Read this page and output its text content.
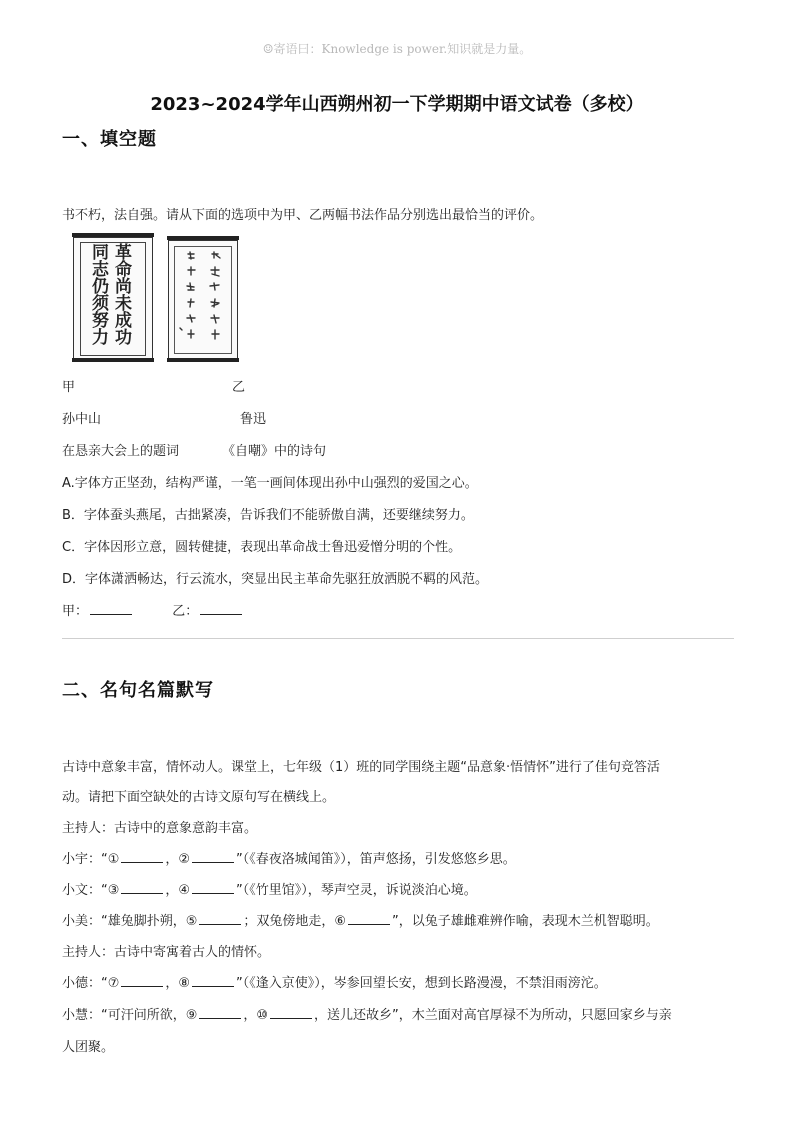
☺寄语曰：Knowledge is power.知识就是力量。
2023~2024学年山西朔州初一下学期期中语文试卷（多校）
一、填空题
书不朽，法自强。请从下面的选项中为甲、乙两幅书法作品分别选出最恰当的评价。
革命尚未成功
同志仍须努力
甲	乙
孙中山	鲁迅
在恳亲大会上的题词	《自嘲》中的诗句
A.字体方正坚劲，结构严谨，一笔一画间体现出孙中山强烈的爱国之心。
B．字体蚕头燕尾，古拙紧凑，告诉我们不能骄傲自满，还要继续努力。
C．字体因形立意，圆转健捷，表现出革命战士鲁迅爱憎分明的个性。
D．字体潇洒畅达，行云流水，突显出民主革命先驱狂放洒脱不羁的风范。
甲：	乙：
二、名句名篇默写
古诗中意象丰富，情怀动人。课堂上，七年级（1）班的同学围绕主题“品意象·悟情怀”进行了佳句竞答活
动。请把下面空缺处的古诗文原句写在横线上。
主持人：古诗中的意象意韵丰富。
小宇：“①	，②	”（《春夜洛城闻笛》），笛声悠扬，引发悠悠乡思。
小文：“③	，④	”（《竹里馆》），琴声空灵，诉说淡泊心境。
小美：“雄兔脚扑朔，⑤	；双兔傍地走，⑥	”，以兔子雄雌难辨作喻，表现木兰机智聪明。
主持人：古诗中寄寓着古人的情怀。
小德：“⑦	，⑧	”（《逢入京使》），岑参回望长安，想到长路漫漫，不禁泪雨滂沱。
小慧：“可汗问所欲，⑨	，⑩	，送儿还故乡”，木兰面对高官厚禄不为所动，只愿回家乡与亲
人团聚。
